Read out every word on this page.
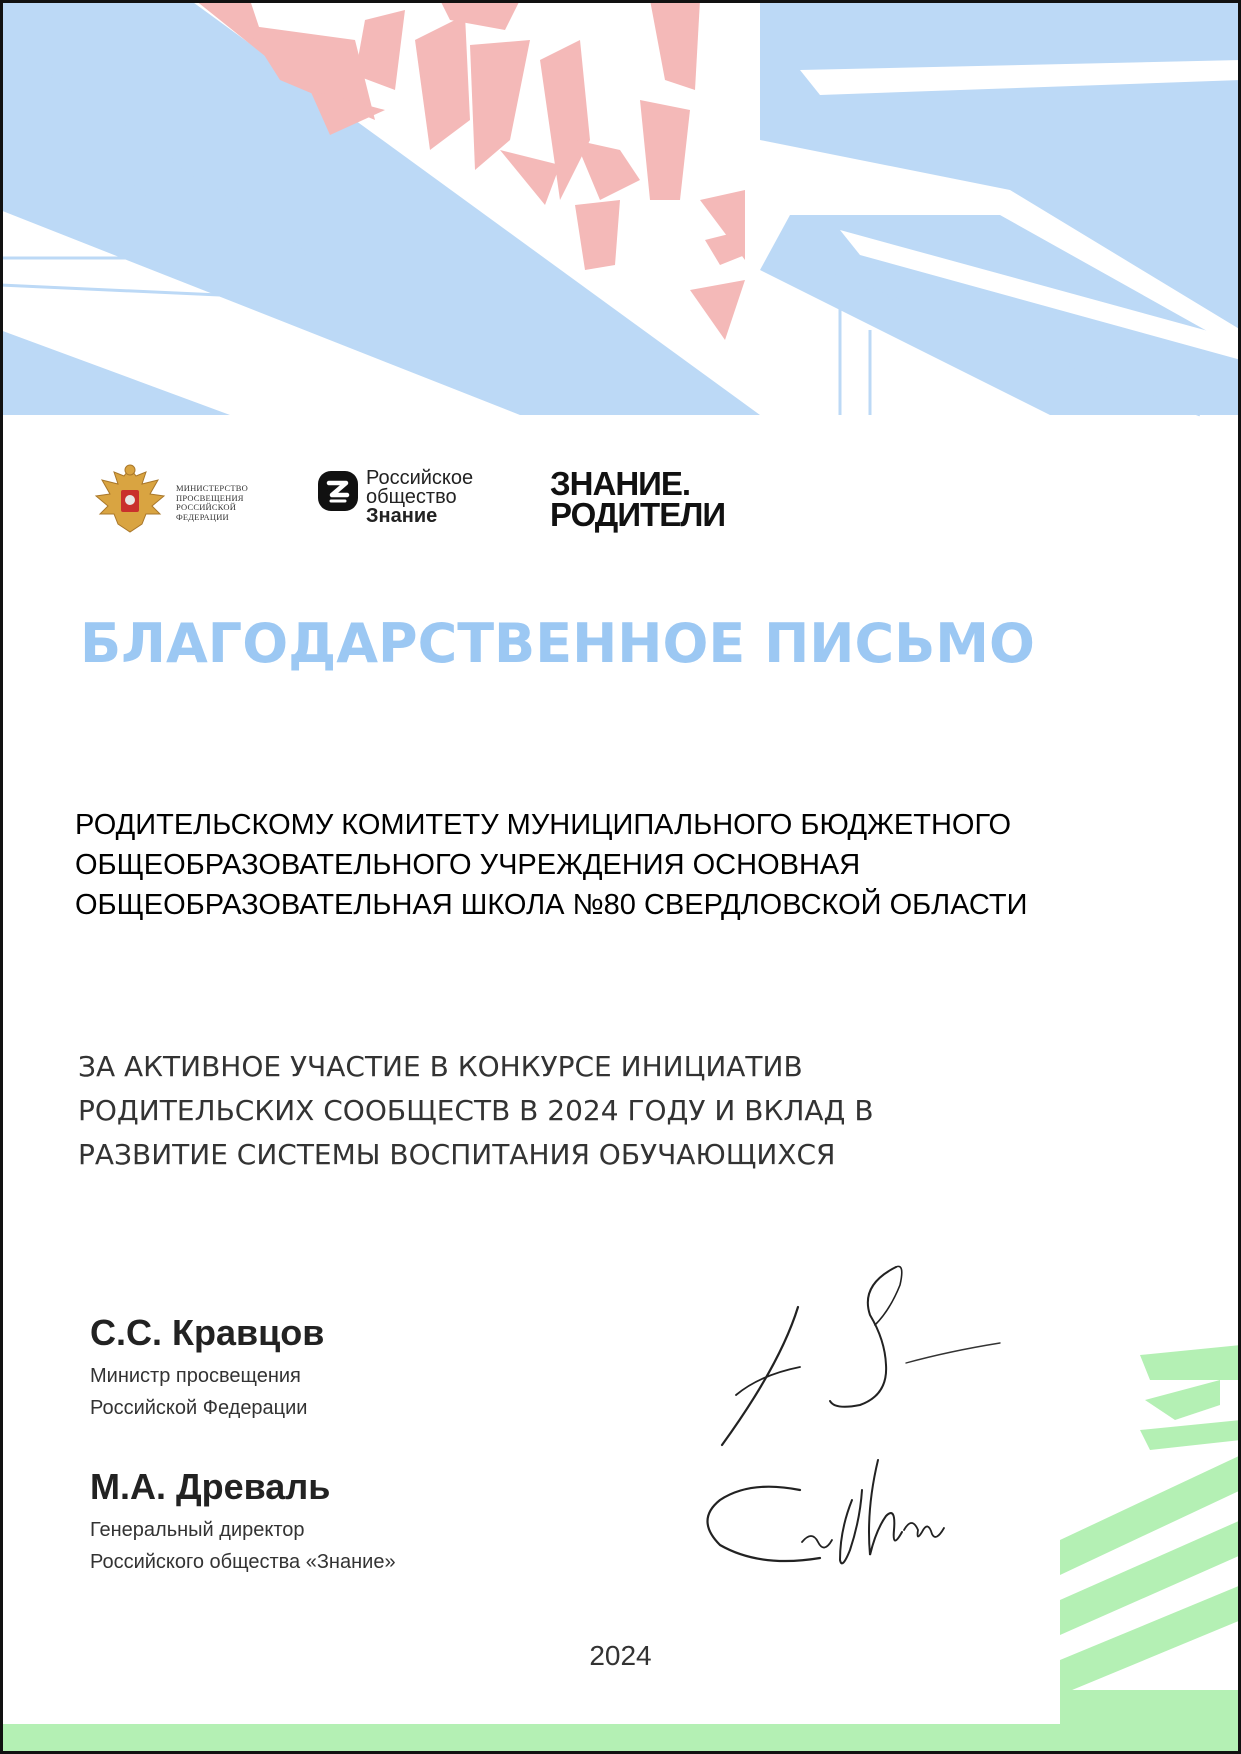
МИНИСТЕРСТВО
ПРОСВЕЩЕНИЯ
РОССИЙСКОЙ
ФЕДЕРАЦИИ
Российское
общество
Знание
ЗНАНИЕ.
РОДИТЕЛИ
БЛАГОДАРСТВЕННОЕ ПИСЬМО

РОДИТЕЛЬСКОМУ КОМИТЕТУ МУНИЦИПАЛЬНОГО БЮДЖЕТНОГО
ОБЩЕОБРАЗОВАТЕЛЬНОГО УЧРЕЖДЕНИЯ ОСНОВНАЯ
ОБЩЕОБРАЗОВАТЕЛЬНАЯ ШКОЛА №80 СВЕРДЛОВСКОЙ ОБЛАСТИ

ЗА АКТИВНОЕ УЧАСТИЕ В КОНКУРСЕ ИНИЦИАТИВ
РОДИТЕЛЬСКИХ СООБЩЕСТВ В 2024 ГОДУ И ВКЛАД В
РАЗВИТИЕ СИСТЕМЫ ВОСПИТАНИЯ ОБУЧАЮЩИХСЯ

С.С. Кравцов

Министр просвещения
Российской Федерации

М.А. Древаль

Генеральный директор
Российского общества «Знание»

2024
